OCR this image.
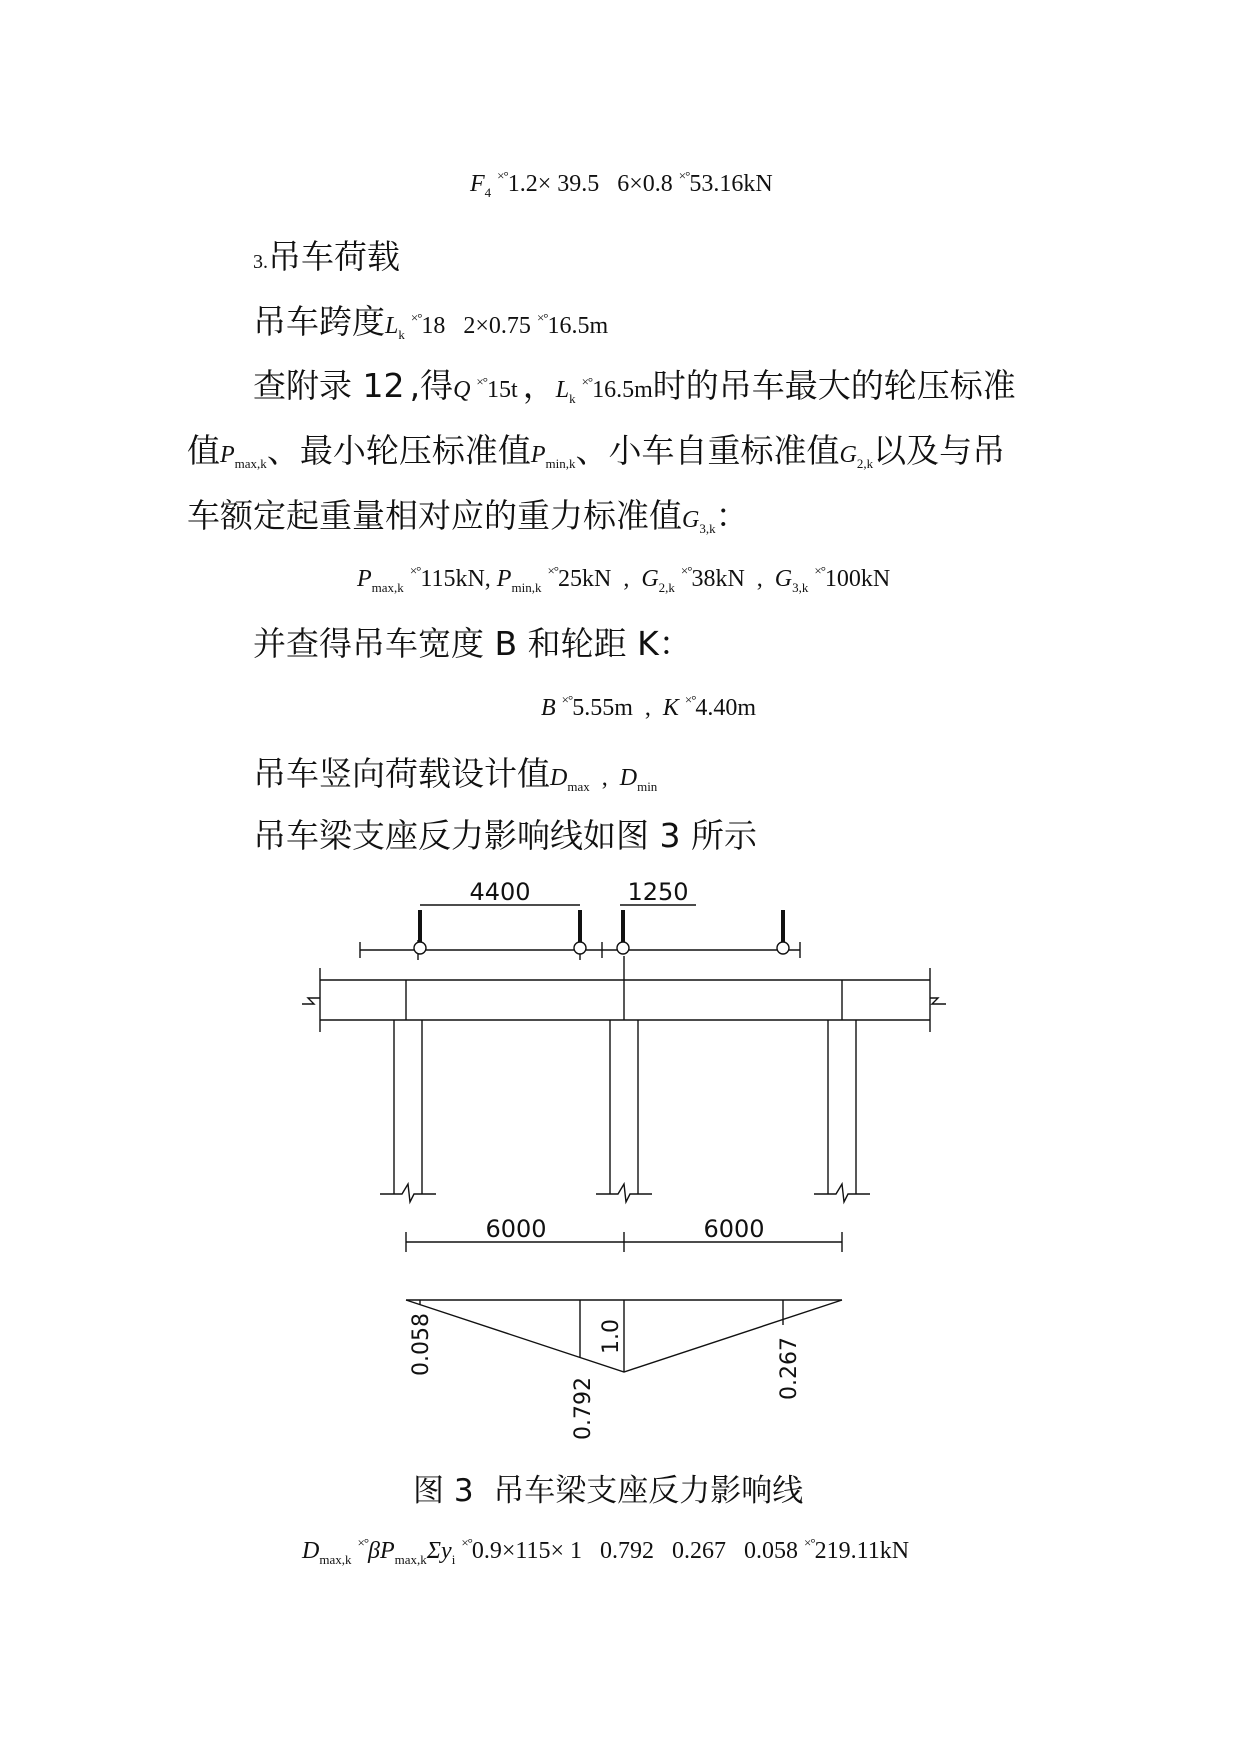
$F_4$ ×°1.2× 39.5   6×0.8 ×°53.16kN
3.吊车荷载
吊车跨度$L_k$ ×°18   2×0.75 ×°16.5m
查附录 12 ,得Q ×°15t ，$L_k$ ×°16.5m时的吊车最大的轮压标准
值$P_{max,k}$、最小轮压标准值$P_{min,k}$、小车自重标准值$G_{2,k}$以及与吊
车额定起重量相对应的重力标准值$G_{3,k}$：
$P_{max,k}$ ×°115kN, $P_{min,k}$ ×°25kN  ,  $G_{2,k}$ ×°38kN  ,  $G_{3,k}$ ×°100kN
并查得吊车宽度 B 和轮距 K：
B ×°5.55m  ,  K ×°4.40m
吊车竖向荷载设计值$D_{max}$  ,  $D_{min}$
吊车梁支座反力影响线如图 3 所示
4400	1250
6000	6000
0.058
0.792
1.0
0.267
图 3  吊车梁支座反力影响线
$D_{max,k}$ $^{\times^\circ}\beta P_{max,k}\Sigma y_i$ ×°0.9×115× 1   0.792   0.267   0.058 ×°219.11kN
